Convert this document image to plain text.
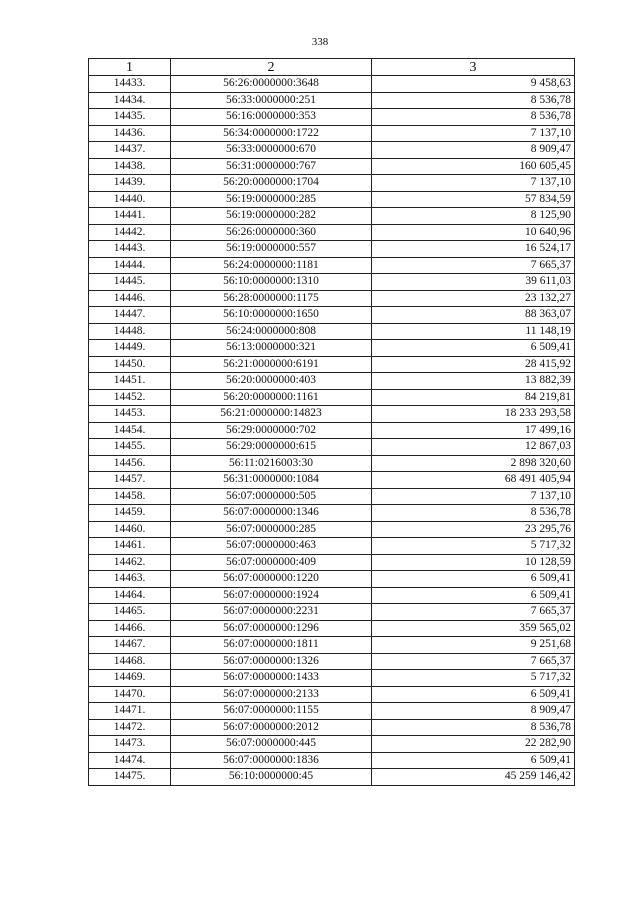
338
1	2	3
14433.	56:26:0000000:3648	9 458,63
14434.	56:33:0000000:251	8 536,78
14435.	56:16:0000000:353	8 536,78
14436.	56:34:0000000:1722	7 137,10
14437.	56:33:0000000:670	8 909,47
14438.	56:31:0000000:767	160 605,45
14439.	56:20:0000000:1704	7 137,10
14440.	56:19:0000000:285	57 834,59
14441.	56:19:0000000:282	8 125,90
14442.	56:26:0000000:360	10 640,96
14443.	56:19:0000000:557	16 524,17
14444.	56:24:0000000:1181	7 665,37
14445.	56:10:0000000:1310	39 611,03
14446.	56:28:0000000:1175	23 132,27
14447.	56:10:0000000:1650	88 363,07
14448.	56:24:0000000:808	11 148,19
14449.	56:13:0000000:321	6 509,41
14450.	56:21:0000000:6191	28 415,92
14451.	56:20:0000000:403	13 882,39
14452.	56:20:0000000:1161	84 219,81
14453.	56:21:0000000:14823	18 233 293,58
14454.	56:29:0000000:702	17 499,16
14455.	56:29:0000000:615	12 867,03
14456.	56:11:0216003:30	2 898 320,60
14457.	56:31:0000000:1084	68 491 405,94
14458.	56:07:0000000:505	7 137,10
14459.	56:07:0000000:1346	8 536,78
14460.	56:07:0000000:285	23 295,76
14461.	56:07:0000000:463	5 717,32
14462.	56:07:0000000:409	10 128,59
14463.	56:07:0000000:1220	6 509,41
14464.	56:07:0000000:1924	6 509,41
14465.	56:07:0000000:2231	7 665,37
14466.	56:07:0000000:1296	359 565,02
14467.	56:07:0000000:1811	9 251,68
14468.	56:07:0000000:1326	7 665,37
14469.	56:07:0000000:1433	5 717,32
14470.	56:07:0000000:2133	6 509,41
14471.	56:07:0000000:1155	8 909,47
14472.	56:07:0000000:2012	8 536,78
14473.	56:07:0000000:445	22 282,90
14474.	56:07:0000000:1836	6 509,41
14475.	56:10:0000000:45	45 259 146,42
